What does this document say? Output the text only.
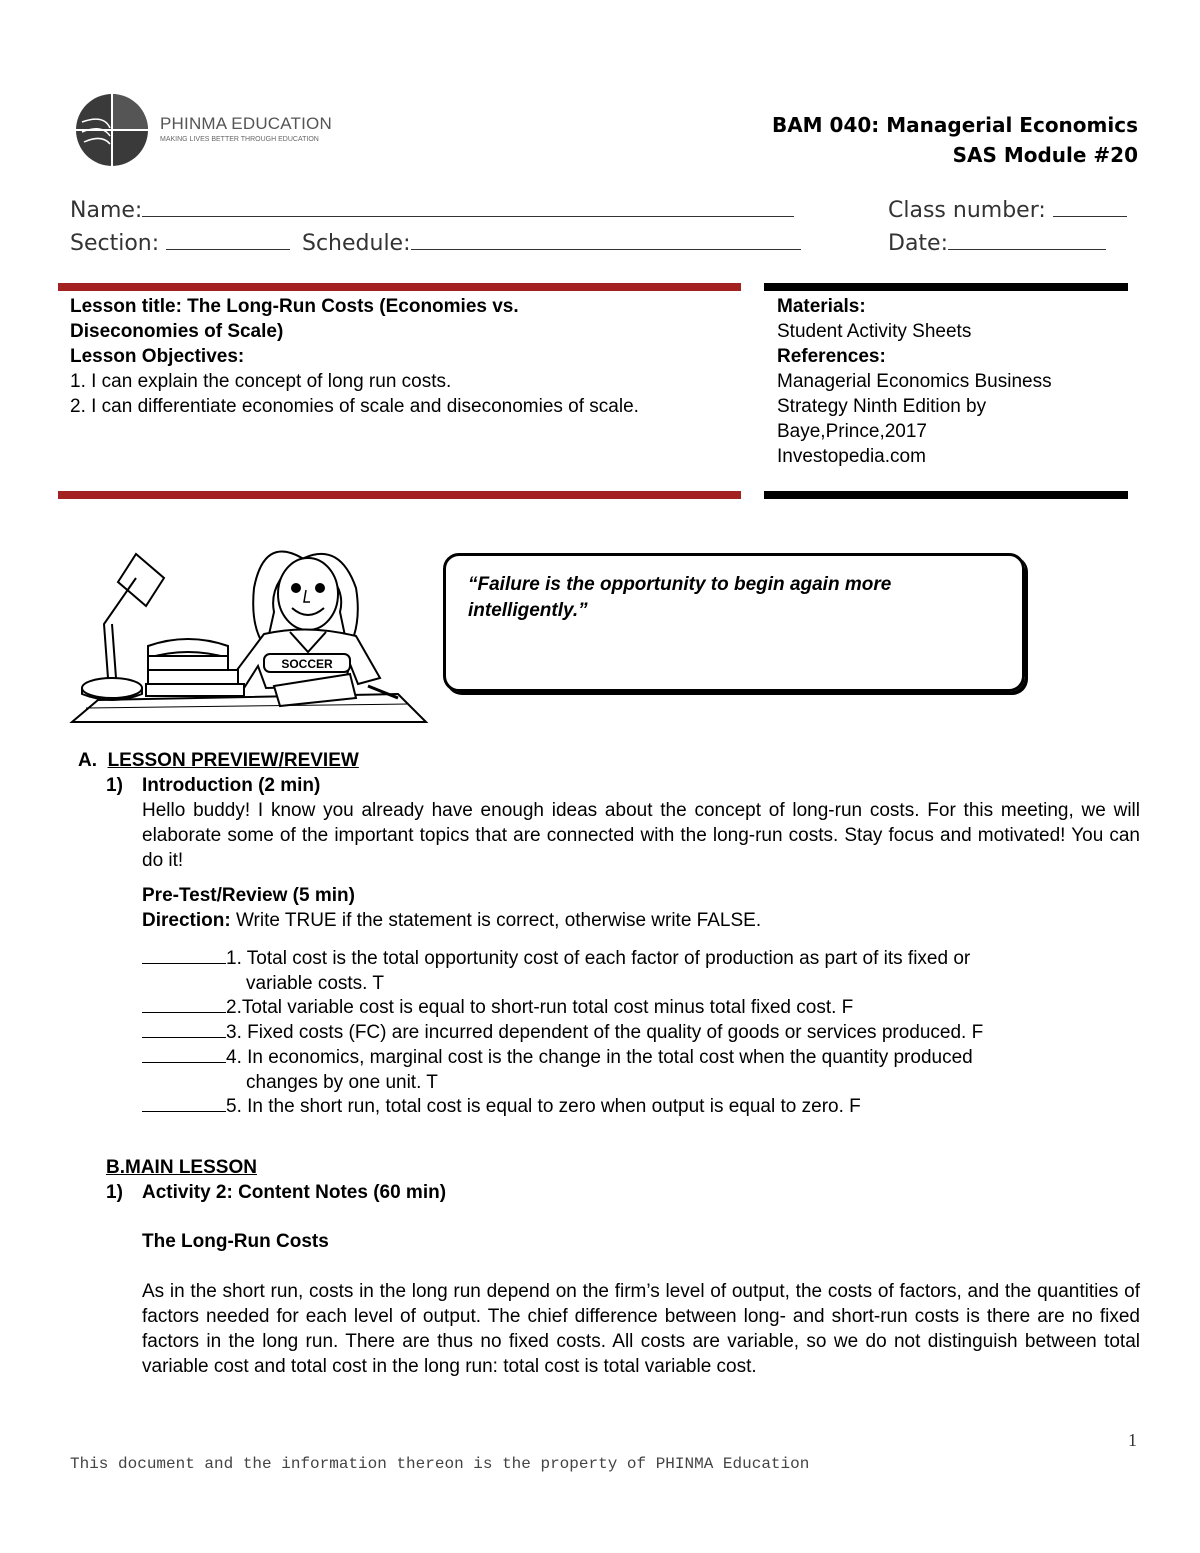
PHINMA EDUCATION
MAKING LIVES BETTER THROUGH EDUCATION
BAM 040: Managerial Economics
SAS Module #20
Name:	Class number:
Section:	Schedule:	Date:
Lesson title: The Long-Run Costs (Economies vs.
Diseconomies of Scale)
Lesson Objectives:
1. I can explain the concept of long run costs.
2. I can differentiate economies of scale and diseconomies of scale.
Materials:
Student Activity Sheets
References:
Managerial Economics Business
Strategy Ninth Edition by
Baye,Prince,2017
Investopedia.com
SOCCER
“Failure is the opportunity to begin again more intelligently.”
A. LESSON PREVIEW/REVIEW
1) Introduction (2 min)
Hello buddy! I know you already have enough ideas about the concept of long-run costs. For this meeting, we will elaborate some of the important topics that are connected with the long-run costs. Stay focus and motivated! You can do it!
Pre-Test/Review (5 min)
Direction: Write TRUE if the statement is correct, otherwise write FALSE.
1. Total cost is the total opportunity cost of each factor of production as part of its fixed or
variable costs. T
2.Total variable cost is equal to short-run total cost minus total fixed cost. F
3. Fixed costs (FC) are incurred dependent of the quality of goods or services produced. F
4. In economics, marginal cost is the change in the total cost when the quantity produced
changes by one unit. T
5. In the short run, total cost is equal to zero when output is equal to zero. F
B.MAIN LESSON
1) Activity 2: Content Notes (60 min)
The Long-Run Costs
As in the short run, costs in the long run depend on the firm’s level of output, the costs of factors, and the quantities of factors needed for each level of output. The chief difference between long- and short-run costs is there are no fixed factors in the long run. There are thus no fixed costs. All costs are variable, so we do not distinguish between total variable cost and total cost in the long run: total cost is total variable cost.
1
This document and the information thereon is the property of PHINMA Education
